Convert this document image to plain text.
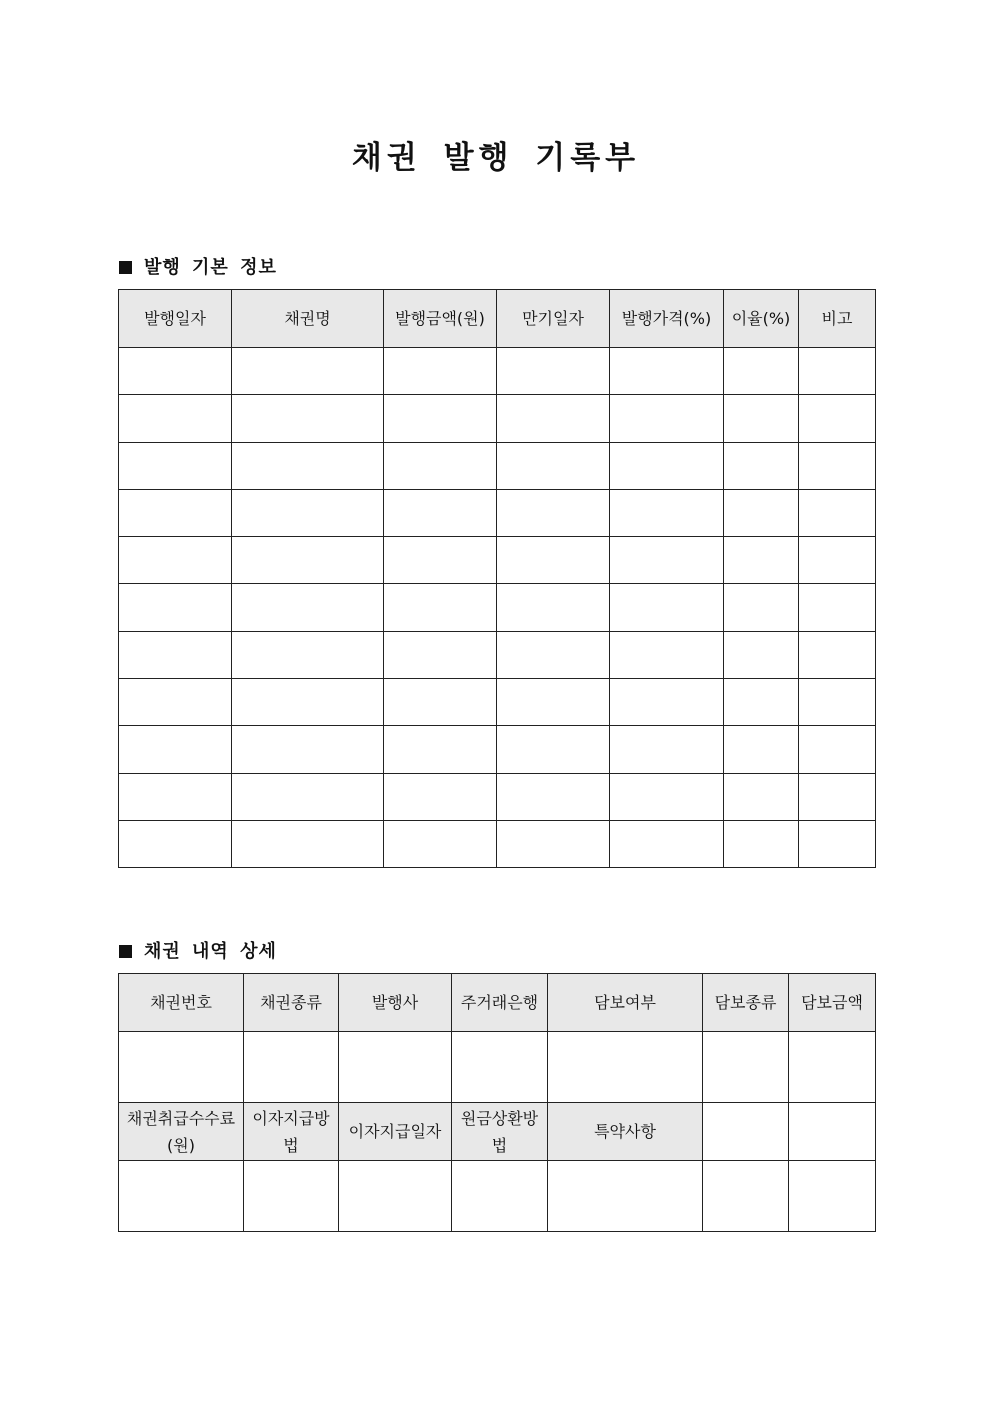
채권 발행 기록부
발행 기본 정보
발행일자	채권명	발행금액(원)	만기일자	발행가격(%)	이율(%)	비고

채권 내역 상세
채권번호	채권종류	발행사	주거래은행	담보여부	담보종류	담보금액

채권취급수수료(원)	이자지급방법	이자지급일자	원금상환방법	특약사항		
